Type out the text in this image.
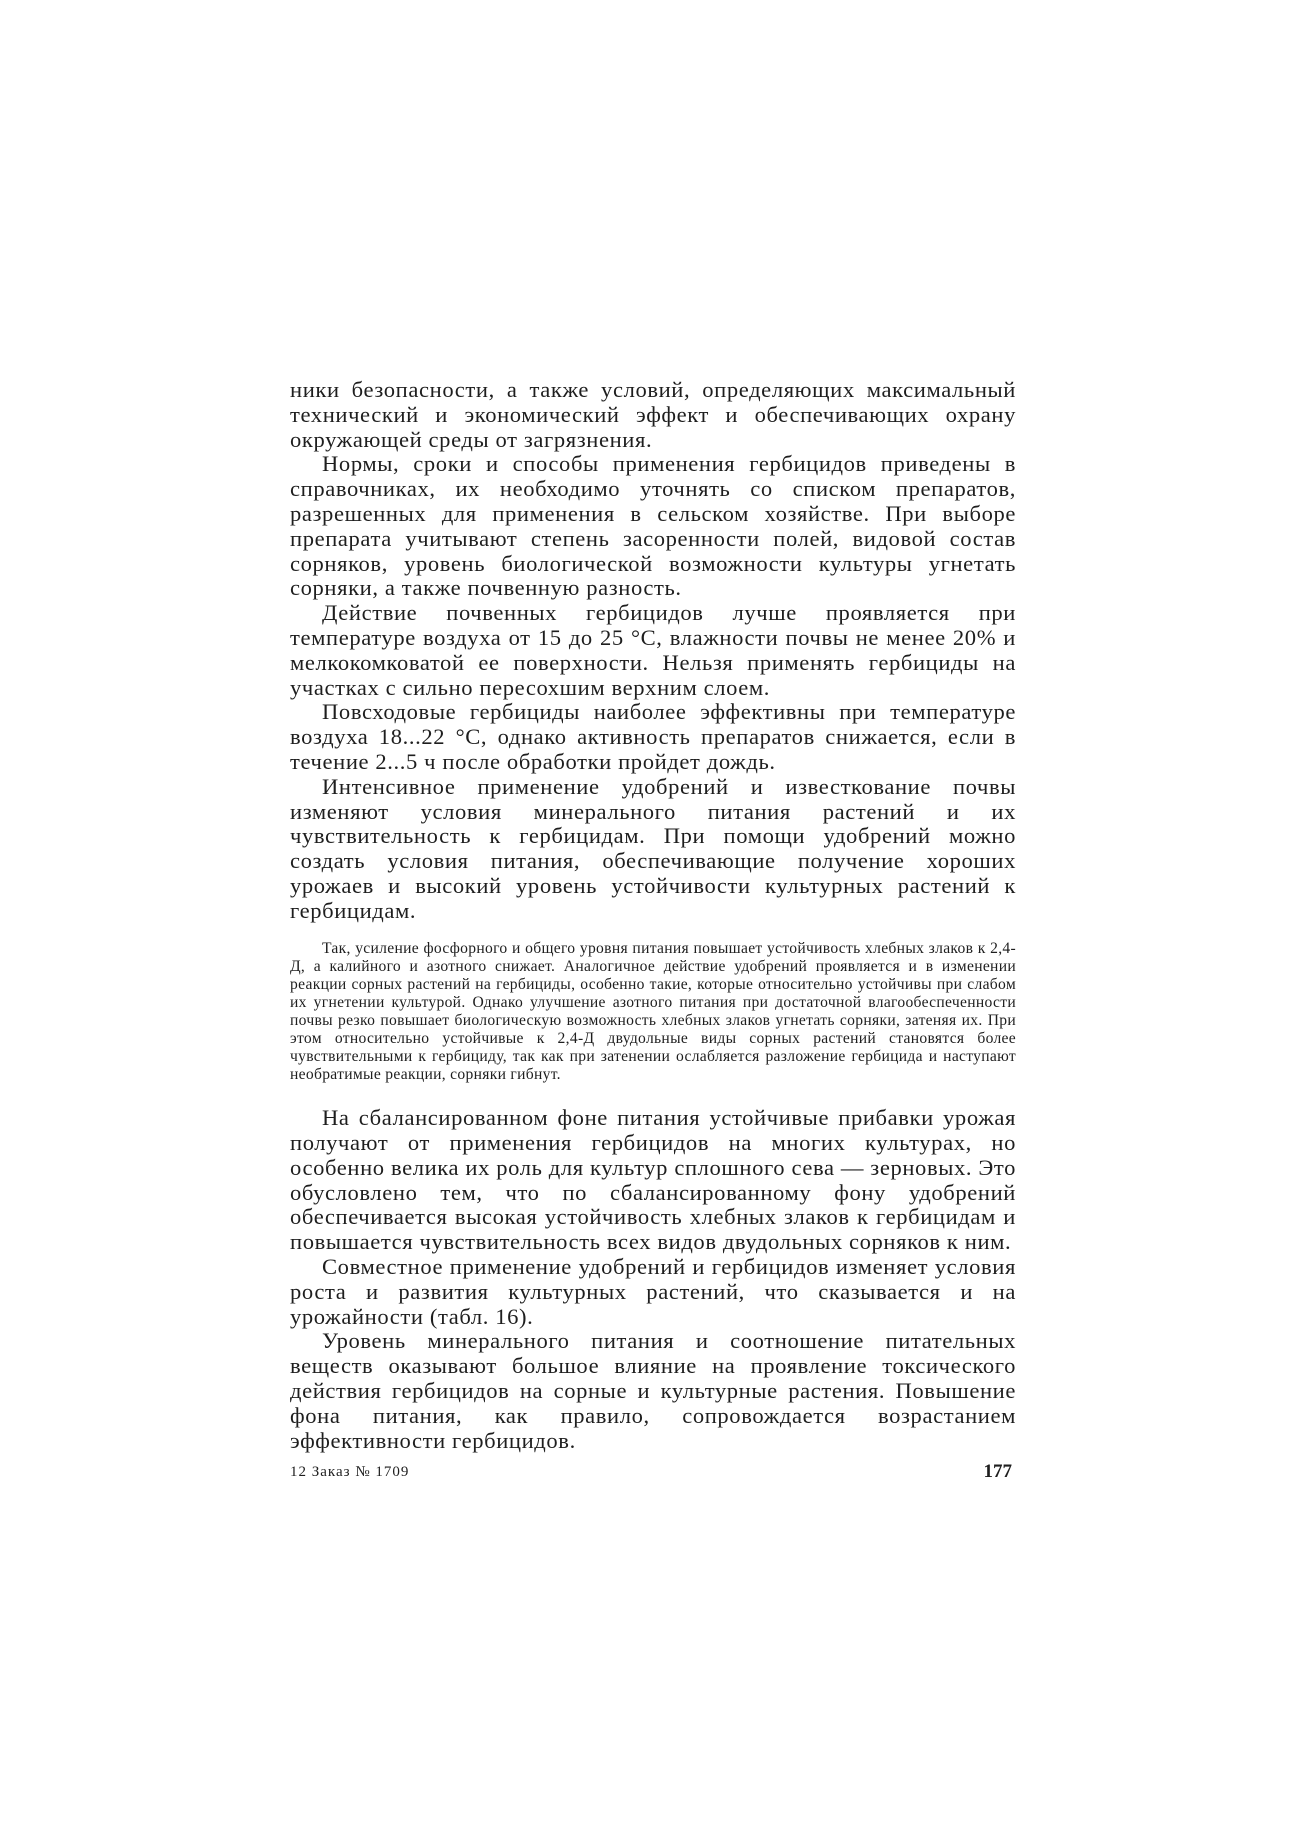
ники безопасности, а также условий, определяющих максимальный технический и экономический эффект и обеспечивающих охрану окружающей среды от загрязнения.

Нормы, сроки и способы применения гербицидов приведены в справочниках, их необходимо уточнять со списком препаратов, разрешенных для применения в сельском хозяйстве. При выборе препарата учитывают степень засоренности полей, видовой состав сорняков, уровень биологической возможности культуры угнетать сорняки, а также почвенную разность.

Действие почвенных гербицидов лучше проявляется при температуре воздуха от 15 до 25 °С, влажности почвы не менее 20% и мелкокомковатой ее поверхности. Нельзя применять гербициды на участках с сильно пересохшим верхним слоем.

Повсходовые гербициды наиболее эффективны при температуре воздуха 18...22 °С, однако активность препаратов снижается, если в течение 2...5 ч после обработки пройдет дождь.

Интенсивное применение удобрений и известкование почвы изменяют условия минерального питания растений и их чувствительность к гербицидам. При помощи удобрений можно создать условия питания, обеспечивающие получение хороших урожаев и высокий уровень устойчивости культурных растений к гербицидам.

Так, усиление фосфорного и общего уровня питания повышает устойчивость хлебных злаков к 2,4-Д, а калийного и азотного снижает. Аналогичное действие удобрений проявляется и в изменении реакции сорных растений на гербициды, особенно такие, которые относительно устойчивы при слабом их угнетении культурой. Однако улучшение азотного питания при достаточной влагообеспеченности почвы резко повышает биологическую возможность хлебных злаков угнетать сорняки, затеняя их. При этом относительно устойчивые к 2,4-Д двудольные виды сорных растений становятся более чувствительными к гербициду, так как при затенении ослабляется разложение гербицида и наступают необратимые реакции, сорняки гибнут.

На сбалансированном фоне питания устойчивые прибавки урожая получают от применения гербицидов на многих культурах, но особенно велика их роль для культур сплошного сева — зерновых. Это обусловлено тем, что по сбалансированному фону удобрений обеспечивается высокая устойчивость хлебных злаков к гербицидам и повышается чувствительность всех видов двудольных сорняков к ним.

Совместное применение удобрений и гербицидов изменяет условия роста и развития культурных растений, что сказывается и на урожайности (табл. 16).

Уровень минерального питания и соотношение питательных веществ оказывают большое влияние на проявление токсического действия гербицидов на сорные и культурные растения. Повышение фона питания, как правило, сопровождается возрастанием эффективности гербицидов.

12 Заказ № 1709	177
